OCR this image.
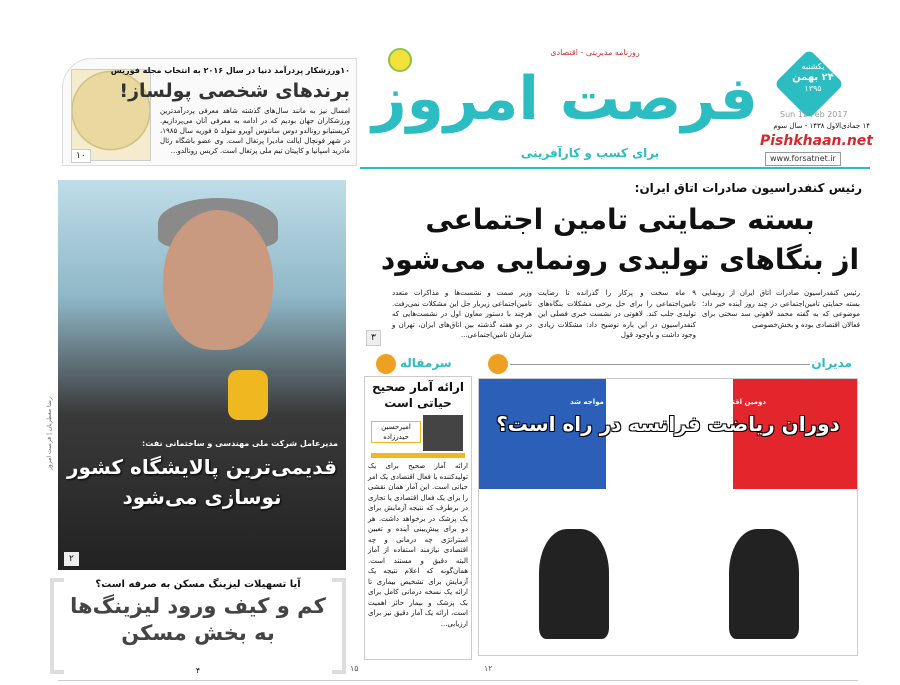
۱۰ورزشکار پردرآمد دنیا در سال ۲۰۱۶ به انتخاب مجله فوربس
برندهای شخصی پولساز!
امسال نیز به مانند سال‌های گذشته شاهد معرفی پردرآمدترین ورزشکاران جهان بودیم که در ادامه به معرفی آنان می‌پردازیم. کریستیانو رونالدو دوس سانتوس آویرو متولد ۵ فوریه سال ۱۹۸۵، در شهر فونچال ایالت مادیرا پرتغال است. وی عضو باشگاه رئال مادرید اسپانیا و کاپیتان تیم ملی پرتغال است. کریس رونالدو...
۱۰
روزنامه مدیریتی - اقتصادی
فرصت امروز
برای کسب و کارآفرینی
یکشنبه
۲۴ بهمن
۱۳۹۵
Sun 12 Feb 2017
۱۴ جمادی‌الاول ۱۴۳۸ - سال سوم
Pishkhaan.net
www.forsatnet.ir
مدیرعامل شرکت ملی مهندسی و ساختمانی نفت:
قدیمی‌ترین پالایشگاه کشور نوسازی می‌شود
۲
رضا معطریان | فرصت امروز
آیا تسهیلات لیزینگ مسکن به صرفه است؟
کم و کیف ورود لیزینگ‌ها به بخش مسکن
۴
رئیس کنفدراسیون صادرات اتاق ایران:
بسته حمایتی تامین اجتماعی
از بنگاهای تولیدی رونمایی می‌شود
رئیس کنفدراسیون صادرات اتاق ایران از رونمایی بسته حمایتی تامین‌اجتماعی در چند روز آینده خبر داد؛ موضوعی که به گفته محمد لاهوتی سد سختی برای فعالان اقتصادی بوده و بخش‌خصوصی
۹ ماه سخت و پرکار را گذرانده تا رضایت تامین‌اجتماعی را برای حل برخی مشکلات بنگاه‌های تولیدی جلب کند. لاهوتی در نشست خبری فصلی این کنفدراسیون در این باره توضیح داد: مشکلات زیادی وجود داشت و باوجود قول
وزیر صمت و نشست‌ها و مذاکرات متعدد تامین‌اجتماعی زیربار حل این مشکلات نمی‌رفت. هرچند با دستور معاون اول در نشست‌هایی که در دو هفته گذشته بین اتاق‌های ایران، تهران و سازمان تامین‌اجتماعی...
۳
مدیران
سرمقاله
ارائه آمار صحیح حیاتی است
امیرحسین حیدرزاده
ارائه آمار صحیح برای یک تولیدکننده یا فعال اقتصادی یک امر حیاتی است. این آمار همان نقشی را برای یک فعال اقتصادی یا تجاری در برطرف که نتیجه آزمایش برای یک پزشک در برخواهد داشت. هر دو برای پیش‌بینی آینده و تعیین استراتژی چه درمانی و چه اقتصادی نیازمند استفاده از آمار البته دقیق و مستند است. همان‌گونه که اعلام نتیجه یک آزمایش برای تشخیص بیماری تا ارائه یک نسخه درمانی کامل برای یک پزشک و بیمار حائز اهمیت است، ارائه یک آمار دقیق نیز برای ارزیابی...
دومین اقتصاد بزرگ اروپا با افت رشد اقتصادی مواجه شد
دوران ریاضت فرانسه در راه است؟
۱۵	۱۲
